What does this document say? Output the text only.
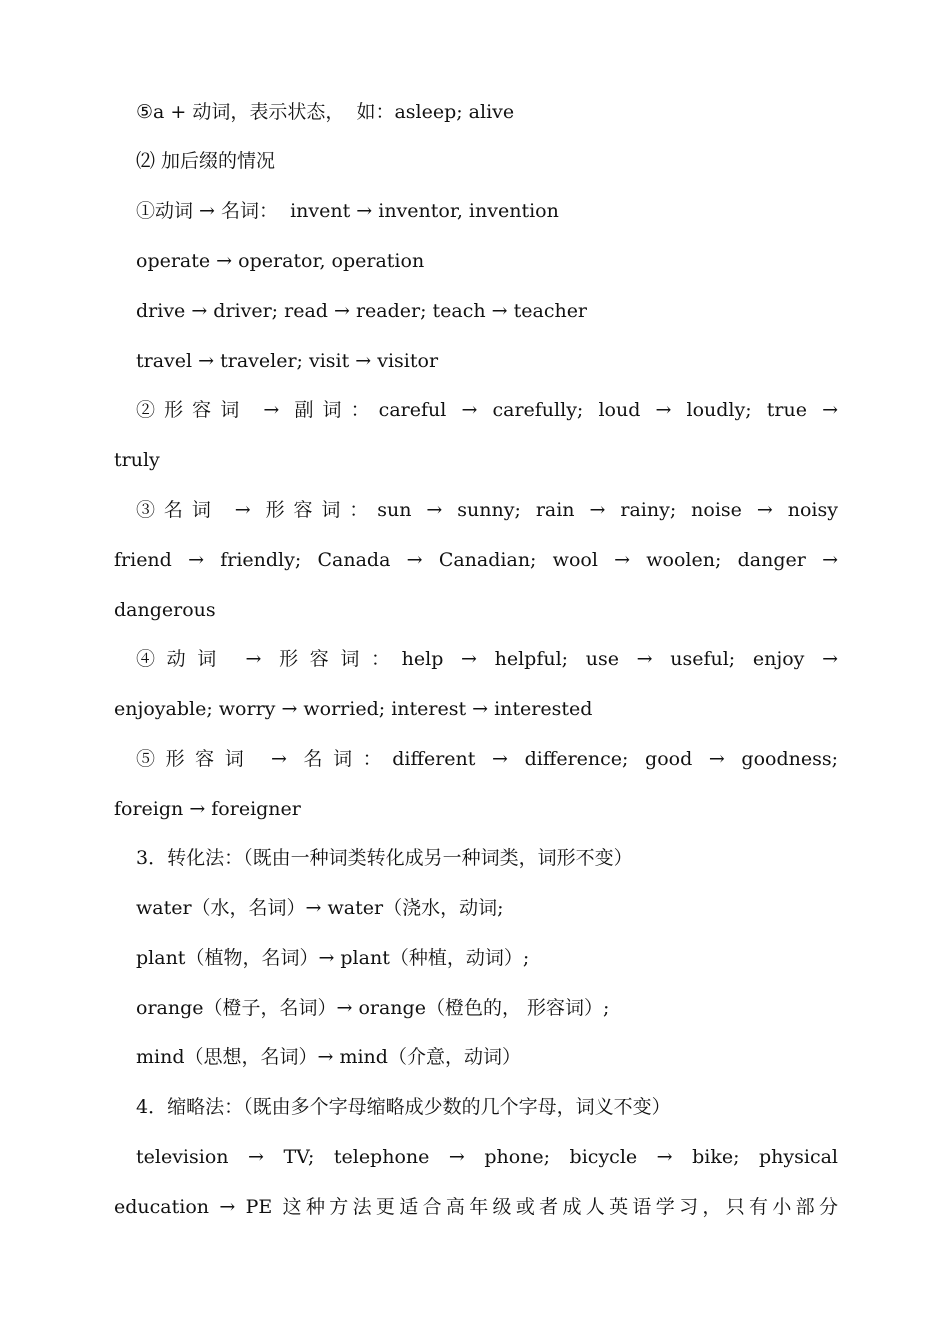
⑤a + 动词，表示状态，  如：asleep; alive
⑵ 加后缀的情况
①动词 → 名词：  invent → inventor, invention
operate → operator, operation
drive → driver; read → reader; teach → teacher
travel → traveler; visit → visitor
②形容词 → 副词：careful → carefully; loud → loudly; true →
truly
③名词 → 形容词：sun → sunny; rain → rainy; noise → noisy
friend → friendly; Canada → Canadian; wool → woolen; danger →
dangerous
④动词 → 形容词：help → helpful; use → useful; enjoy →
enjoyable; worry → worried; interest → interested
⑤形容词 → 名词：different → difference; good → goodness;
foreign → foreigner
3．转化法：（既由一种词类转化成另一种词类，词形不变）
water（水，名词）→ water（浇水，动词;
plant（植物，名词）→ plant（种植，动词）;
orange（橙子，名词）→ orange（橙色的， 形容词）;
mind（思想，名词）→ mind（介意，动词）
4．缩略法：（既由多个字母缩略成少数的几个字母，词义不变）
television → TV; telephone → phone; bicycle → bike; physical
education → PE 这种方法更适合高年级或者成人英语学习，只有小部分
